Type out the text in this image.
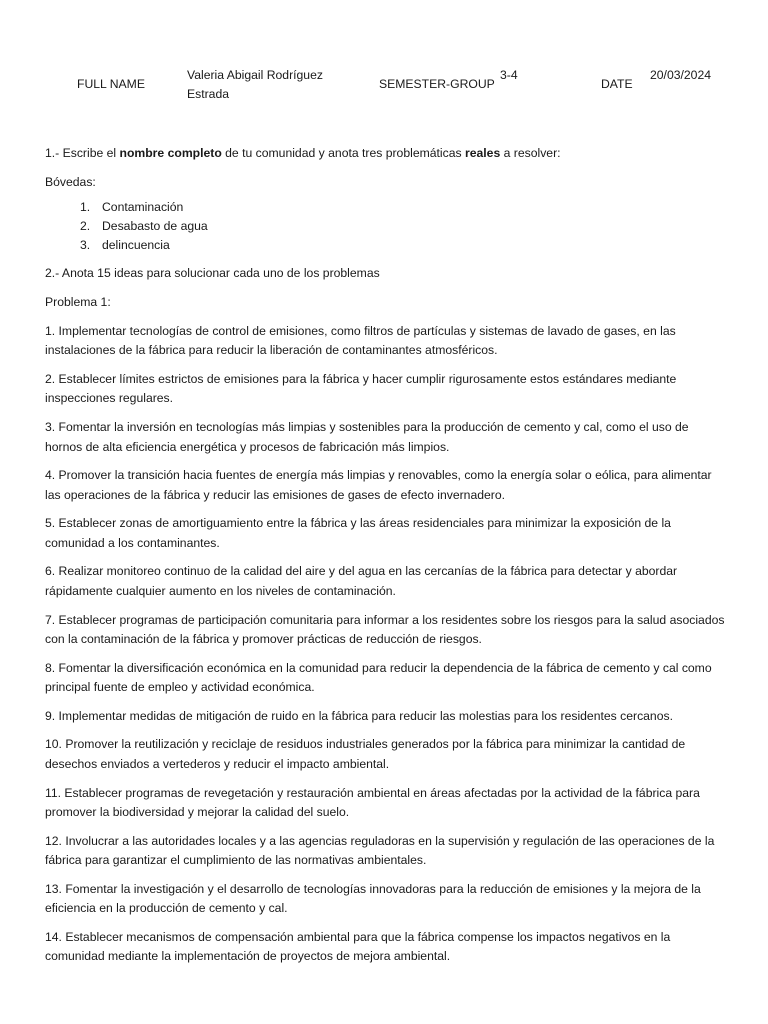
FULL NAME
Valeria Abigail Rodríguez Estrada
SEMESTER-GROUP
3-4
DATE
20/03/2024

1.- Escribe el nombre completo de tu comunidad y anota tres problemáticas reales a resolver:

Bóvedas:

1. Contaminación
2. Desabasto de agua
3. delincuencia

2.- Anota 15 ideas para solucionar cada uno de los problemas

Problema 1:

1. Implementar tecnologías de control de emisiones, como filtros de partículas y sistemas de lavado de gases, en las instalaciones de la fábrica para reducir la liberación de contaminantes atmosféricos.

2. Establecer límites estrictos de emisiones para la fábrica y hacer cumplir rigurosamente estos estándares mediante inspecciones regulares.

3. Fomentar la inversión en tecnologías más limpias y sostenibles para la producción de cemento y cal, como el uso de hornos de alta eficiencia energética y procesos de fabricación más limpios.

4. Promover la transición hacia fuentes de energía más limpias y renovables, como la energía solar o eólica, para alimentar las operaciones de la fábrica y reducir las emisiones de gases de efecto invernadero.

5. Establecer zonas de amortiguamiento entre la fábrica y las áreas residenciales para minimizar la exposición de la comunidad a los contaminantes.

6. Realizar monitoreo continuo de la calidad del aire y del agua en las cercanías de la fábrica para detectar y abordar rápidamente cualquier aumento en los niveles de contaminación.

7. Establecer programas de participación comunitaria para informar a los residentes sobre los riesgos para la salud asociados con la contaminación de la fábrica y promover prácticas de reducción de riesgos.

8. Fomentar la diversificación económica en la comunidad para reducir la dependencia de la fábrica de cemento y cal como principal fuente de empleo y actividad económica.

9. Implementar medidas de mitigación de ruido en la fábrica para reducir las molestias para los residentes cercanos.

10. Promover la reutilización y reciclaje de residuos industriales generados por la fábrica para minimizar la cantidad de desechos enviados a vertederos y reducir el impacto ambiental.

11. Establecer programas de revegetación y restauración ambiental en áreas afectadas por la actividad de la fábrica para promover la biodiversidad y mejorar la calidad del suelo.

12. Involucrar a las autoridades locales y a las agencias reguladoras en la supervisión y regulación de las operaciones de la fábrica para garantizar el cumplimiento de las normativas ambientales.

13. Fomentar la investigación y el desarrollo de tecnologías innovadoras para la reducción de emisiones y la mejora de la eficiencia en la producción de cemento y cal.

14. Establecer mecanismos de compensación ambiental para que la fábrica compense los impactos negativos en la comunidad mediante la implementación de proyectos de mejora ambiental.
